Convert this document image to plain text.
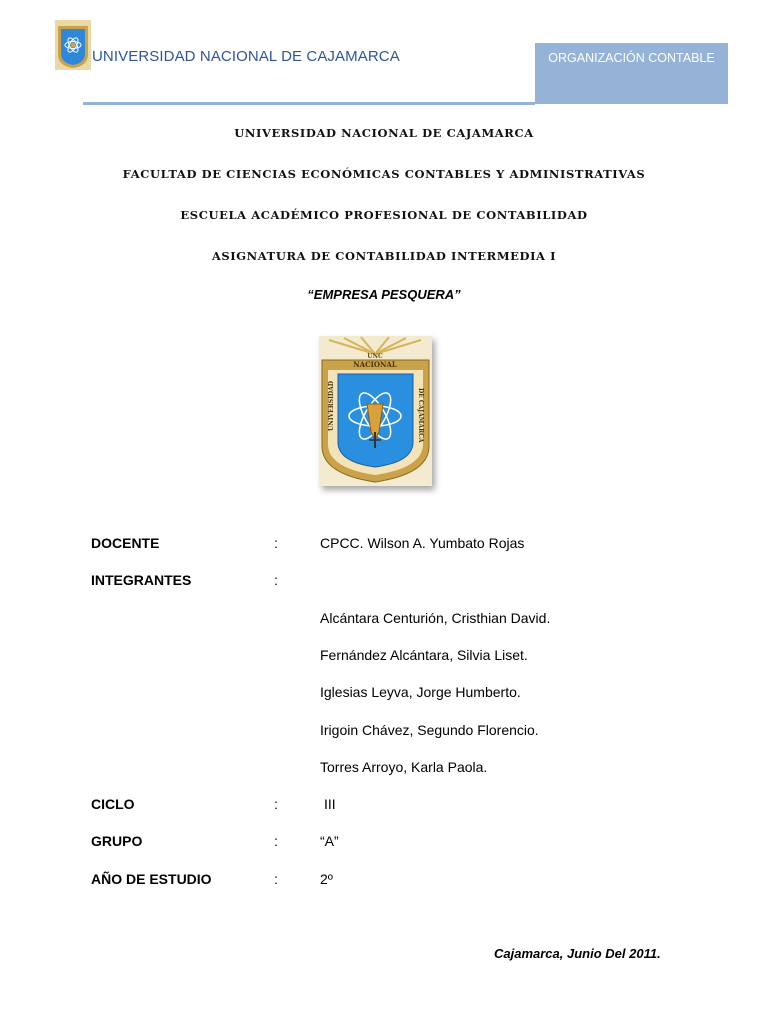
UNIVERSIDAD NACIONAL DE CAJAMARCA	ORGANIZACIÓN CONTABLE
UNIVERSIDAD NACIONAL DE CAJAMARCA
FACULTAD DE CIENCIAS ECONÓMICAS CONTABLES Y ADMINISTRATIVAS
ESCUELA ACADÉMICO PROFESIONAL DE CONTABILIDAD
ASIGNATURA DE CONTABILIDAD INTERMEDIA I
“EMPRESA PESQUERA”
UNC
NACIONAL
UNIVERSIDAD	DE CAJAMARCA
DOCENTE	:	CPCC. Wilson A. Yumbato Rojas
INTEGRANTES	:
Alcántara Centurión, Cristhian David.
Fernández Alcántara, Silvia Liset.
Iglesias Leyva, Jorge Humberto.
Irigoin Chávez, Segundo Florencio.
Torres Arroyo, Karla Paola.
CICLO	:	III
GRUPO	:	“A”
AÑO DE ESTUDIO	:	2º
Cajamarca, Junio Del 2011.
